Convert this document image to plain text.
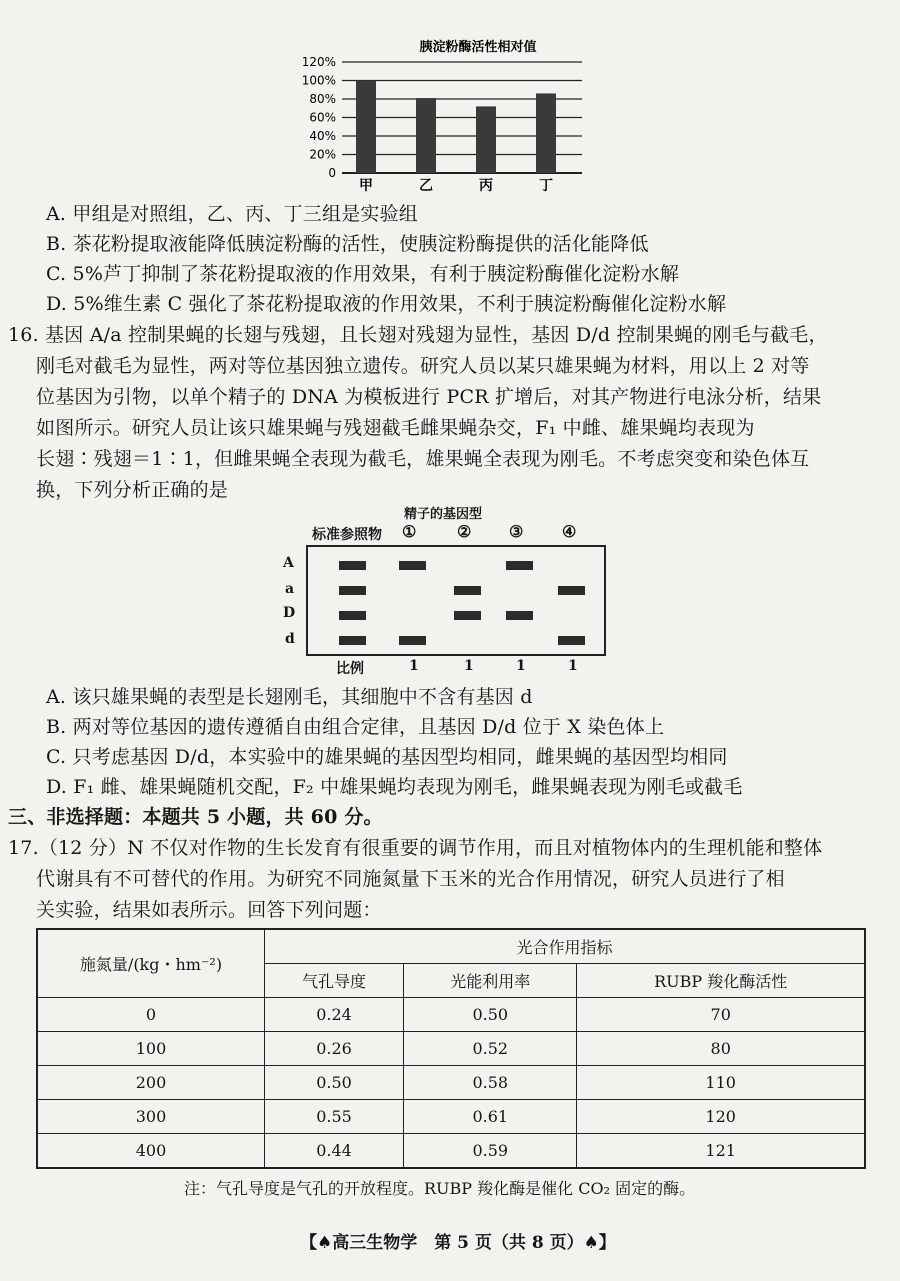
胰淀粉酶活性相对值
0
20%
40%
60%
80%
100%
120%
甲	乙	丙	丁
A. 甲组是对照组，乙、丙、丁三组是实验组
B. 茶花粉提取液能降低胰淀粉酶的活性，使胰淀粉酶提供的活化能降低
C. 5%芦丁抑制了茶花粉提取液的作用效果，有利于胰淀粉酶催化淀粉水解
D. 5%维生素 C 强化了茶花粉提取液的作用效果，不利于胰淀粉酶催化淀粉水解
16. 基因 A/a 控制果蝇的长翅与残翅，且长翅对残翅为显性，基因 D/d 控制果蝇的刚毛与截毛，
刚毛对截毛为显性，两对等位基因独立遗传。研究人员以某只雄果蝇为材料，用以上 2 对等
位基因为引物，以单个精子的 DNA 为模板进行 PCR 扩增后，对其产物进行电泳分析，结果
如图所示。研究人员让该只雄果蝇与残翅截毛雌果蝇杂交，F₁ 中雌、雄果蝇均表现为
长翅∶残翅＝1∶1，但雌果蝇全表现为截毛，雄果蝇全表现为刚毛。不考虑突变和染色体互
换，下列分析正确的是
精子的基因型
标准参照物 ①	② ③ ④
A
a
D
d
比例	1	1	1	1
A. 该只雄果蝇的表型是长翅刚毛，其细胞中不含有基因 d
B. 两对等位基因的遗传遵循自由组合定律，且基因 D/d 位于 X 染色体上
C. 只考虑基因 D/d，本实验中的雄果蝇的基因型均相同，雌果蝇的基因型均相同
D. F₁ 雌、雄果蝇随机交配，F₂ 中雄果蝇均表现为刚毛，雌果蝇表现为刚毛或截毛
三、非选择题：本题共 5 小题，共 60 分。
17.（12 分）N 不仅对作物的生长发育有很重要的调节作用，而且对植物体内的生理机能和整体
代谢具有不可替代的作用。为研究不同施氮量下玉米的光合作用情况，研究人员进行了相
关实验，结果如表所示。回答下列问题：
施氮量/(kg・hm⁻²)	光合作用指标		
	气孔导度	光能利用率	RUBP 羧化酶活性
0	0.24	0.50	70
100	0.26	0.52	80
200	0.50	0.58	110
300	0.55	0.61	120
400	0.44	0.59	121
注：气孔导度是气孔的开放程度。RUBP 羧化酶是催化 CO₂ 固定的酶。
【♠高三生物学　第 5 页（共 8 页）♠】
